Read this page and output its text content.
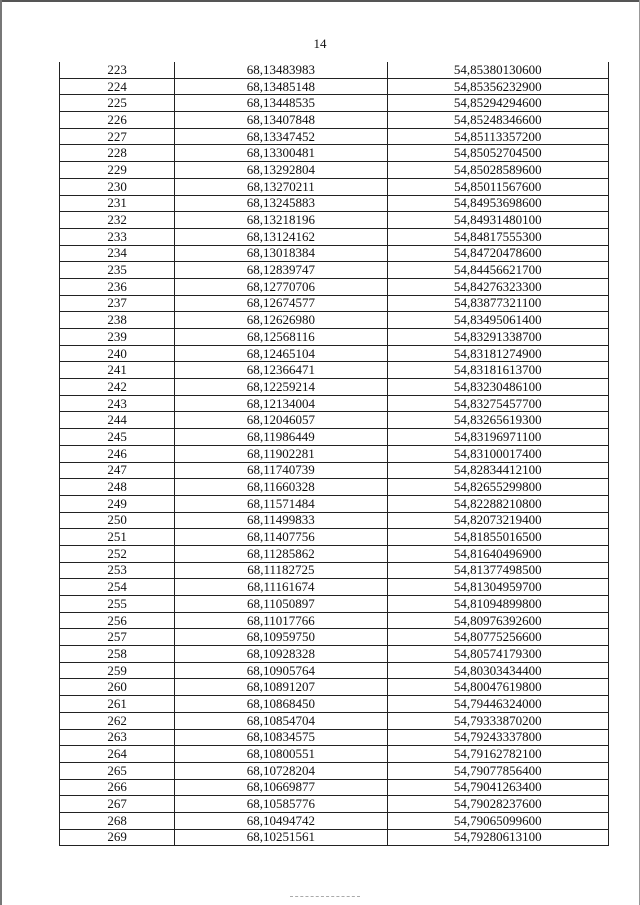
14
223	68,13483983	54,85380130600
224	68,13485148	54,85356232900
225	68,13448535	54,85294294600
226	68,13407848	54,85248346600
227	68,13347452	54,85113357200
228	68,13300481	54,85052704500
229	68,13292804	54,85028589600
230	68,13270211	54,85011567600
231	68,13245883	54,84953698600
232	68,13218196	54,84931480100
233	68,13124162	54,84817555300
234	68,13018384	54,84720478600
235	68,12839747	54,84456621700
236	68,12770706	54,84276323300
237	68,12674577	54,83877321100
238	68,12626980	54,83495061400
239	68,12568116	54,83291338700
240	68,12465104	54,83181274900
241	68,12366471	54,83181613700
242	68,12259214	54,83230486100
243	68,12134004	54,83275457700
244	68,12046057	54,83265619300
245	68,11986449	54,83196971100
246	68,11902281	54,83100017400
247	68,11740739	54,82834412100
248	68,11660328	54,82655299800
249	68,11571484	54,82288210800
250	68,11499833	54,82073219400
251	68,11407756	54,81855016500
252	68,11285862	54,81640496900
253	68,11182725	54,81377498500
254	68,11161674	54,81304959700
255	68,11050897	54,81094899800
256	68,11017766	54,80976392600
257	68,10959750	54,80775256600
258	68,10928328	54,80574179300
259	68,10905764	54,80303434400
260	68,10891207	54,80047619800
261	68,10868450	54,79446324000
262	68,10854704	54,79333870200
263	68,10834575	54,79243337800
264	68,10800551	54,79162782100
265	68,10728204	54,79077856400
266	68,10669877	54,79041263400
267	68,10585776	54,79028237600
268	68,10494742	54,79065099600
269	68,10251561	54,79280613100
